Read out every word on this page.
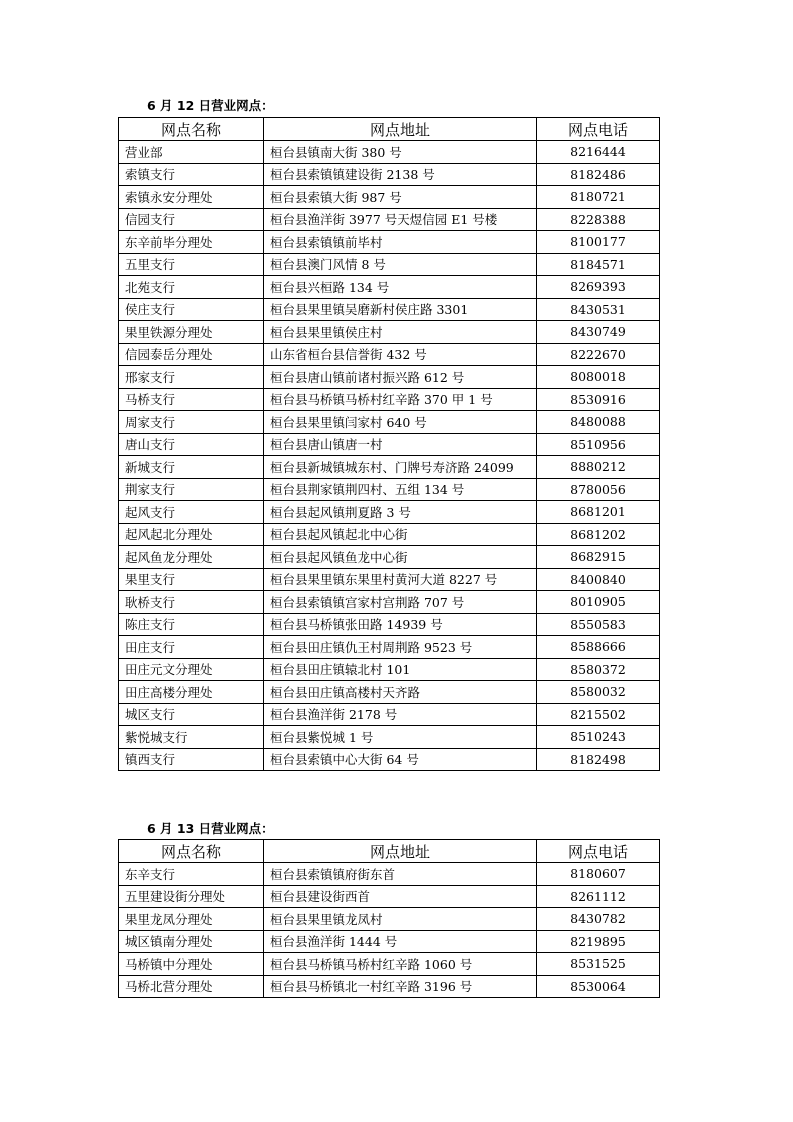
6 月 12 日营业网点：
网点名称	网点地址	网点电话
营业部	桓台县镇南大街 380 号	8216444
索镇支行	桓台县索镇镇建设街 2138 号	8182486
索镇永安分理处	桓台县索镇大街 987 号	8180721
信园支行	桓台县渔洋街 3977 号天煜信园 E1 号楼	8228388
东辛前毕分理处	桓台县索镇镇前毕村	8100177
五里支行	桓台县澳门风情 8 号	8184571
北苑支行	桓台县兴桓路 134 号	8269393
侯庄支行	桓台县果里镇吴磨新村侯庄路 3301	8430531
果里铁源分理处	桓台县果里镇侯庄村	8430749
信园泰岳分理处	山东省桓台县信誉街 432 号	8222670
邢家支行	桓台县唐山镇前诸村振兴路 612 号	8080018
马桥支行	桓台县马桥镇马桥村红辛路 370 甲 1 号	8530916
周家支行	桓台县果里镇闫家村 640 号	8480088
唐山支行	桓台县唐山镇唐一村	8510956
新城支行	桓台县新城镇城东村、门牌号寿济路 24099	8880212
荆家支行	桓台县荆家镇荆四村、五组 134 号	8780056
起风支行	桓台县起风镇荆夏路 3 号	8681201
起风起北分理处	桓台县起风镇起北中心街	8681202
起风鱼龙分理处	桓台县起风镇鱼龙中心街	8682915
果里支行	桓台县果里镇东果里村黄河大道 8227 号	8400840
耿桥支行	桓台县索镇镇宫家村宫荆路 707 号	8010905
陈庄支行	桓台县马桥镇张田路 14939 号	8550583
田庄支行	桓台县田庄镇仇王村周荆路 9523 号	8588666
田庄元文分理处	桓台县田庄镇辕北村 101	8580372
田庄高楼分理处	桓台县田庄镇高楼村天齐路	8580032
城区支行	桓台县渔洋街 2178 号	8215502
紫悦城支行	桓台县紫悦城 1 号	8510243
镇西支行	桓台县索镇中心大街 64 号	8182498
6 月 13 日营业网点：
网点名称	网点地址	网点电话
东辛支行	桓台县索镇镇府街东首	8180607
五里建设街分理处	桓台县建设街西首	8261112
果里龙凤分理处	桓台县果里镇龙凤村	8430782
城区镇南分理处	桓台县渔洋街 1444 号	8219895
马桥镇中分理处	桓台县马桥镇马桥村红辛路 1060 号	8531525
马桥北营分理处	桓台县马桥镇北一村红辛路 3196 号	8530064
